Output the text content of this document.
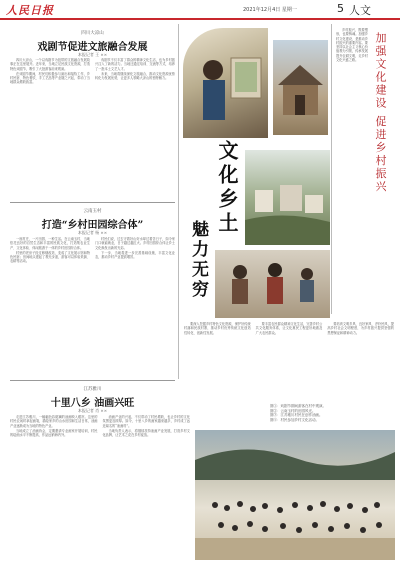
人民日报	2021年12月4日 星期一	5 人文
四川大凉山
戏剧节促进文旅融合发展
本报记者 王 ××

四川大凉山，一个以戏剧节为纽带的文旅融合发展故事正在这里展开。近年来，当地立足民族文化资源，打造特色戏剧节，吸引了大批游客前来观演。

在戏剧节期间，村民们积极参与演出和接待工作，乡村民宿、特色餐饮、手工艺品等产业随之兴起，带动了当地群众增收致富。

戏剧节不仅丰富了群众的精神文化生活，也为乡村振兴注入了新的活力。当地还通过培训、交流等方式，培养了一批本土文艺人才。

未来，当地将继续深化文旅融合，推动文化资源优势转化为发展优势，让更多人领略大凉山的独特魅力。

云南玉村
打造“乡村田园综合体”
本报记者 杨 ××

一座村庄，一片田园，一种生活。在云南玉村，当地依托良好的自然生态和丰富的民族文化，打造集农业生产、文化体验、休闲旅游于一体的乡村田园综合体。

村里的老房子经过修缮改造，变成了文化展示馆和特色民宿；田间地头建起了观光步道，游客可以体验采摘、农耕等活动。

村民们说，过去守着好山好水却过着苦日子，如今家门口就能就业，日子越过越红火。乡村田园综合体让乡土文化焕发出新的光彩。

下一步，当地将进一步完善基础设施，丰富文化业态，推动乡村产业提质增效。

江苏雅川
十里八乡 油画兴旺
本报记者 肖 ××

走进江苏雅川，一幅幅色彩斑斓的油画映入眼帘。这里的村民农闲时拿起画笔，描绘家乡的山水田园和生活日常，油画产业逐渐成为当地的特色产业。

当地成立了油画协会，定期邀请专业画家开展培训，村民的绘画水平不断提高，作品远销海内外。

油画产业的兴起，不仅带动了村民增收，也让乡村的文化氛围更加浓厚。如今，十里八乡的画家越来越多，乡村成了远近闻名的“油画村”。

当地负责人表示，将继续扶持油画产业发展，打造乡村文化品牌，让艺术之花在乡村绽放。

文化乡土
魅力无穷
加强文化建设 促进乡村振兴

乡村振兴，既要塑形，也要铸魂。加强乡村文化建设，是推动乡村振兴的重要内容。要坚持以社会主义核心价值观为引领，传承发展提升农耕文明，走乡村文化兴盛之路。

要深入挖掘乡村特色文化资源，保护好传统村落和民族村寨，推动乡村优秀传统文化创造性转化、创新性发展。

要丰富农民群众精神文化生活，完善乡村公共文化服务体系，让文化惠民工程更好地惠及广大农民群众。

要培育文明乡风、良好家风、淳朴民风，提高乡村社会文明程度，为乡村振兴提供坚强的思想保证和精神动力。

图①：戏剧节期间游客在村中观演。
图②：云南玉村的田园风光。
图③：江苏雅川村民在创作油画。
图④：村民参加乡村文化活动。
